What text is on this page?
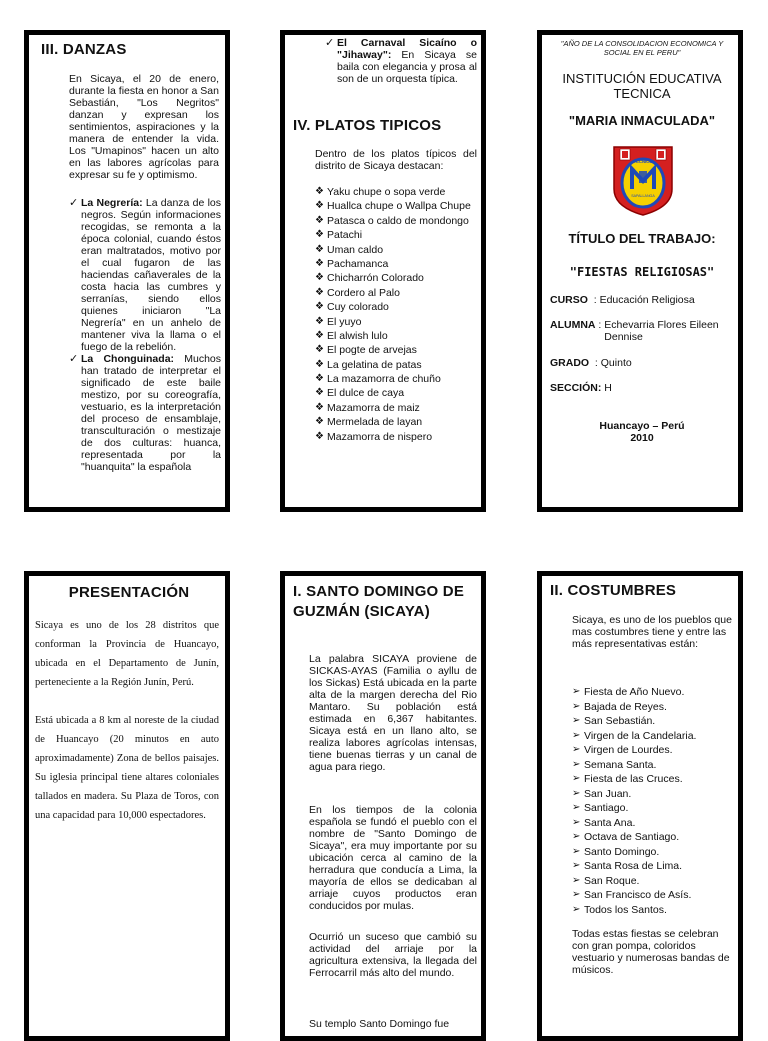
III. DANZAS

En Sicaya, el 20 de enero, durante la fiesta en honor a San Sebastián, "Los Negritos" danzan y expresan los sentimientos, aspiraciones y la manera de entender la vida. Los "Umapinos" hacen un alto en las labores agrícolas para expresar su fe y optimismo.

✓ La Negrería: La danza de los negros. Según informaciones recogidas, se remonta a la época colonial, cuando éstos eran maltratados, motivo por el cual fugaron de las haciendas cañaverales de la costa hacia las cumbres y serranías, siendo ellos quienes iniciaron "La Negrería" en un anhelo de mantener viva la llama o el fuego de la rebelión.

✓ La Chonguinada: Muchos han tratado de interpretar el significado de este baile mestizo, por su coreografía, vestuario, es la interpretación del proceso de ensamblaje, transculturación o mestizaje de dos culturas: huanca, representada por la "huanquita" la española

✓ El Carnaval Sicaíno o "Jihaway": En Sicaya se baila con elegancia y prosa al son de un orquesta típica.

IV. PLATOS TIPICOS

Dentro de los platos típicos del distrito de Sicaya destacan:

❖ Yaku chupe o sopa verde
❖ Huallca chupe o Wallpa Chupe
❖ Patasca o caldo de mondongo
❖ Patachi
❖ Uman caldo
❖ Pachamanca
❖ Chicharrón Colorado
❖ Cordero al Palo
❖ Cuy colorado
❖ El yuyo
❖ El alwish lulo
❖ El pogte de arvejas
❖ La gelatina de patas
❖ La mazamorra de chuño
❖ El dulce de caya
❖ Mazamorra de maiz
❖ Mermelada de layan
❖ Mazamorra de nispero
"AÑO DE LA CONSOLIDACION ECONOMICA Y SOCIAL EN EL PERU"
INSTITUCIÓN EDUCATIVA TECNICA
"MARIA INMACULADA"
TECNICO
SAPALLANGA
TÍTULO DEL TRABAJO:
"FIESTAS RELIGIOSAS"
CURSO : Educación Religiosa
ALUMNA : Echevarria Flores Eileen Dennise
GRADO : Quinto
SECCIÓN:
H
Huancayo – Perú
2010
PRESENTACIÓN

Sicaya es uno de los 28 distritos que conforman la Provincia de Huancayo, ubicada en el Departamento de Junín, perteneciente a la Región Junín, Perú.

Está ubicada a 8 km al noreste de la ciudad de Huancayo (20 minutos en auto aproximadamente) Zona de bellos paisajes. Su iglesia principal tiene altares coloniales tallados en madera. Su Plaza de Toros, con una capacidad para 10,000 espectadores.

I. SANTO DOMINGO DE GUZMÁN (SICAYA)

La palabra SICAYA proviene de SICKAS-AYAS (Familia o ayllu de los Sickas) Está ubicada en la parte alta de la margen derecha del Rio Mantaro. Su población está estimada en 6,367 habitantes. Sicaya está en un llano alto, se realiza labores agrícolas intensas, tiene buenas tierras y un canal de agua para riego.

En los tiempos de la colonia española se fundó el pueblo con el nombre de "Santo Domingo de Sicaya", era muy importante por su ubicación cerca al camino de la herradura que conducía a Lima, la mayoría de ellos se dedicaban al arriaje cuyos productos eran conducidos por mulas.

Ocurrió un suceso que cambió su actividad del arriaje por la agricultura extensiva, la llegada del Ferrocarril más alto del mundo.

Su templo Santo Domingo fue

II. COSTUMBRES

Sicaya, es uno de los pueblos que mas costumbres tiene y entre las más representativas están:

➢ Fiesta de Año Nuevo.
➢ Bajada de Reyes.
➢ San Sebastián.
➢ Virgen de la Candelaria.
➢ Virgen de Lourdes.
➢ Semana Santa.
➢ Fiesta de las Cruces.
➢ San Juan.
➢ Santiago.
➢ Santa Ana.
➢ Octava de Santiago.
➢ Santo Domingo.
➢ Santa Rosa de Lima.
➢ San Roque.
➢ San Francisco de Asís.
➢ Todos los Santos.

Todas estas fiestas se celebran con gran pompa, coloridos vestuario y numerosas bandas de músicos.
